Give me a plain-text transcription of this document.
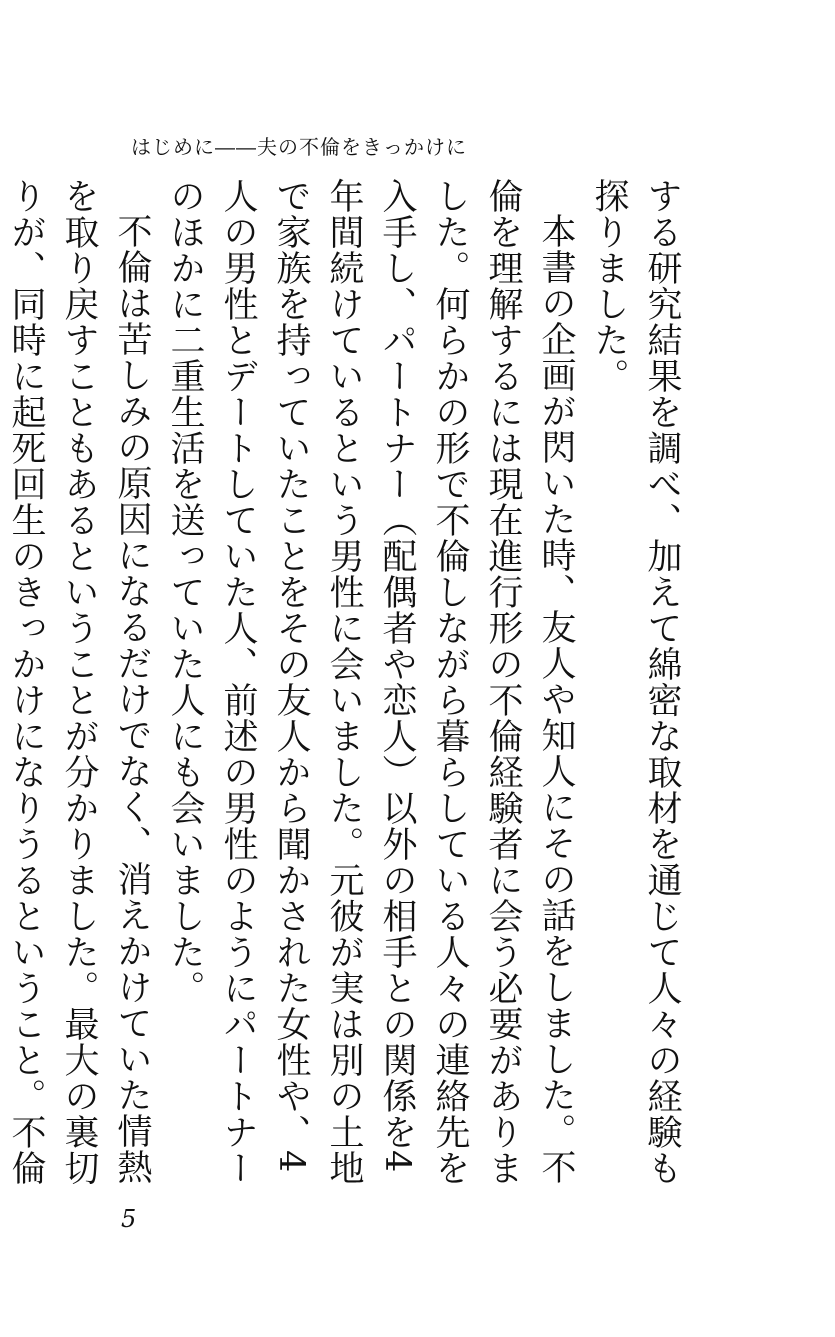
はじめに――夫の不倫をきっかけに

する研究結果を調べ、加えて綿密な取材を通じて人々の経験も探りました。

本書の企画が閃いた時、友人や知人にその話をしました。不倫を理解するには現在進行形の不倫経験者に会う必要がありました。何らかの形で不倫しながら暮らしている人々の連絡先を入手し、パートナー（配偶者や恋人）以外の相手との関係を4年間続けているという男性に会いました。元彼が実は別の土地で家族を持っていたことをその友人から聞かされた女性や、4人の男性とデートしていた人、前述の男性のようにパートナーのほかに二重生活を送っていた人にも会いました。

不倫は苦しみの原因になるだけでなく、消えかけていた情熱を取り戻すこともあるということが分かりました。最大の裏切りが、同時に起死回生のきっかけになりうるということ。不倫

5
